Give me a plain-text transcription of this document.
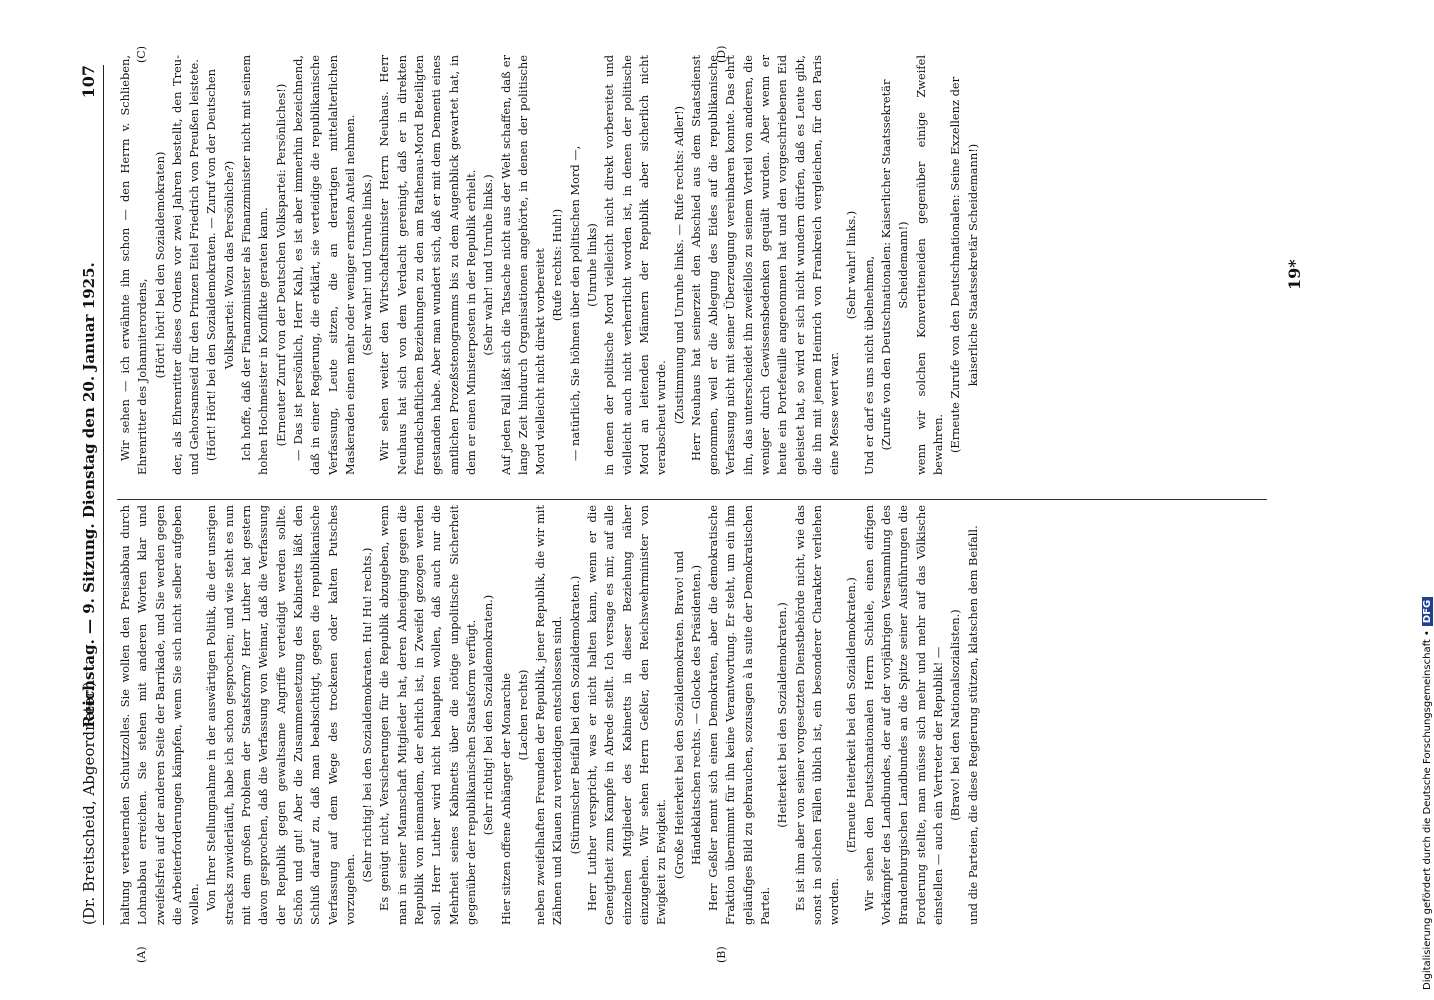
(Dr. Breitscheid, Abgeordneter.)
Reichstag. — 9. Sitzung. Dienstag den 20. Januar 1925.
107
(A)	(B)
(C)	(D)

haltung verteuernden Schutzzolles. Sie wollen den Preisabbau durch Lohnabbau erreichen. Sie stehen mit anderen Worten klar und zweifelsfrei auf der anderen Seite der Barrikade, und Sie werden gegen die Arbeiterforderungen kämpfen, wenn Sie sich nicht selber aufgeben wollen. Von Ihrer Stellungnahme in der auswärtigen Politik, die der unsrigen stracks zuwiderläuft, habe ich schon gesprochen; und wie steht es nun mit dem großen Problem der Staatsform? Herr Luther hat gestern davon gesprochen, daß die Verfassung von Weimar, daß die Verfassung der Republik gegen gewaltsame Angriffe verteidigt werden sollte. Schön und gut! Aber die Zusammensetzung des Kabinetts läßt den Schluß darauf zu, daß man beabsichtigt, gegen die republikanische Verfassung auf dem Wege des trockenen oder kalten Putsches vorzugehen.

(Sehr richtig! bei den Sozialdemokraten. Hu! Hu! rechts.) Es genügt nicht, Versicherungen für die Republik abzugeben, wenn man in seiner Mannschaft Mitglieder hat, deren Abneigung gegen die Republik von niemandem, der ehrlich ist, in Zweifel gezogen werden soll. Herr Luther wird nicht behaupten wollen, daß auch nur die Mehrheit seines Kabinetts über die nötige unpolitische Sicherheit gegenüber der republikanischen Staatsform verfügt. (Sehr richtig! bei den Sozialdemokraten.) Hier sitzen offene Anhänger der Monarchie (Lachen rechts) neben zweifelhaften Freunden der Republik, jener Republik, die wir mit Zähnen und Klauen zu verteidigen entschlossen sind. (Stürmischer Beifall bei den Sozialdemokraten.) Herr Luther verspricht, was er nicht halten kann, wenn er die Geneigtheit zum Kampfe in Abrede stellt. Ich versage es mir, auf alle einzelnen Mitglieder des Kabinetts in dieser Beziehung näher einzugehen. Wir sehen Herrn Geßler, den Reichswehrminister von Ewigkeit zu Ewigkeit. (Große Heiterkeit bei den Sozialdemokraten. Bravo! und Händeklatschen rechts. — Glocke des Präsidenten.) Herr Geßler nennt sich einen Demokraten, aber die demokratische Fraktion übernimmt für ihn keine Verantwortung. Er steht, um ein ihm geläufiges Bild zu gebrauchen, sozusagen à la suite der Demokratischen Partei.

(Heiterkeit bei den Sozialdemokraten.) Es ist ihm aber von seiner vorgesetzten Dienstbehörde nicht, wie das sonst in solchen Fällen üblich ist, ein besonderer Charakter verliehen worden.

(Erneute Heiterkeit bei den Sozialdemokraten.) Wir sehen den Deutschnationalen Herrn Schiele, einen eifrigen Vorkämpfer des Landbundes, der auf der vorjährigen Versammlung des Brandenburgischen Landbundes an die Spitze seiner Ausführungen die Forderung stellte, man müsse sich mehr und mehr auf das Völkische einstellen — auch ein Vertreter der Republik! — (Bravo! bei den Nationalsozialisten.) und die Parteien, die diese Regierung stützen, klatschen dem Beifall.

Wir sehen — ich erwähnte ihn schon — den Herrn v. Schlieben, Ehrenritter des Johanniterordens, (Hört! hört! bei den Sozialdemokraten) der, als Ehrenritter dieses Ordens vor zwei Jahren bestellt, den Treu- und Gehorsamseid für den Prinzen Eitel Friedrich von Preußen leistete. (Hört! Hört! bei den Sozialdemokraten. — Zuruf von der Deutschen Volkspartei: Wozu das Persönliche?) Ich hoffe, daß der Finanzminister als Finanzminister nicht mit seinem hohen Hochmeister in Konflikte geraten kann. (Erneuter Zuruf von der Deutschen Volkspartei: Persönliches!) — Das ist persönlich, Herr Kahl, es ist aber immerhin bezeichnend, daß in einer Regierung, die erklärt, sie verteidige die republikanische Verfassung, Leute sitzen, die an derartigen mittelalterlichen Maskeraden einen mehr oder weniger ernsten Anteil nehmen. (Sehr wahr! und Unruhe links.) Wir sehen weiter den Wirtschaftsminister Herrn Neuhaus. Herr Neuhaus hat sich von dem Verdacht gereinigt, daß er in direkten freundschaftlichen Beziehungen zu den am Rathenau-Mord Beteiligten gestanden habe. Aber man wundert sich, daß er mit dem Dementi eines amtlichen Prozeßstenogramms bis zu dem Augenblick gewartet hat, in dem er einen Ministerposten in der Republik erhielt. (Sehr wahr! und Unruhe links.) Auf jeden Fall läßt sich die Tatsache nicht aus der Welt schaffen, daß er lange Zeit hindurch Organisationen angehörte, in denen der politische Mord vielleicht nicht direkt vorbereitet (Rufe rechts: Huh!) — natürlich, Sie höhnen über den politischen Mord —, (Unruhe links) in denen der politische Mord vielleicht nicht direkt vorbereitet und vielleicht auch nicht verherrlicht worden ist, in denen der politische Mord an leitenden Männern der Republik aber sicherlich nicht verabscheut wurde. (Zustimmung und Unruhe links. — Rufe rechts: Adler!) Herr Neuhaus hat seinerzeit den Abschied aus dem Staatsdienst genommen, weil er die Ablegung des Eides auf die republikanische Verfassung nicht mit seiner Überzeugung vereinbaren konnte. Das ehrt ihn, das unterscheidet ihn zweifellos zu seinem Vorteil von anderen, die weniger durch Gewissensbedenken gequält wurden. Aber wenn er heute ein Portefeuille angenommen hat und den vorgeschriebenen Eid geleistet hat, so wird er sich nicht wundern dürfen, daß es Leute gibt, die ihn mit jenem Heinrich von Frankreich vergleichen, für den Paris eine Messe wert war.

(Sehr wahr! links.) Und er darf es uns nicht übelnehmen, (Zurufe von den Deutschnationalen: Kaiserlicher Staatssekretär Scheidemann!) wenn wir solchen Konvertiteneiden gegenüber einige Zweifel bewahren. (Erneute Zurufe von den Deutschnationalen: Seine Exzellenz der kaiserliche Staatssekretär Scheidemann!)	19*
Digitalisierung gefördert durch die Deutsche Forschungsgemeinschaft •DFG
